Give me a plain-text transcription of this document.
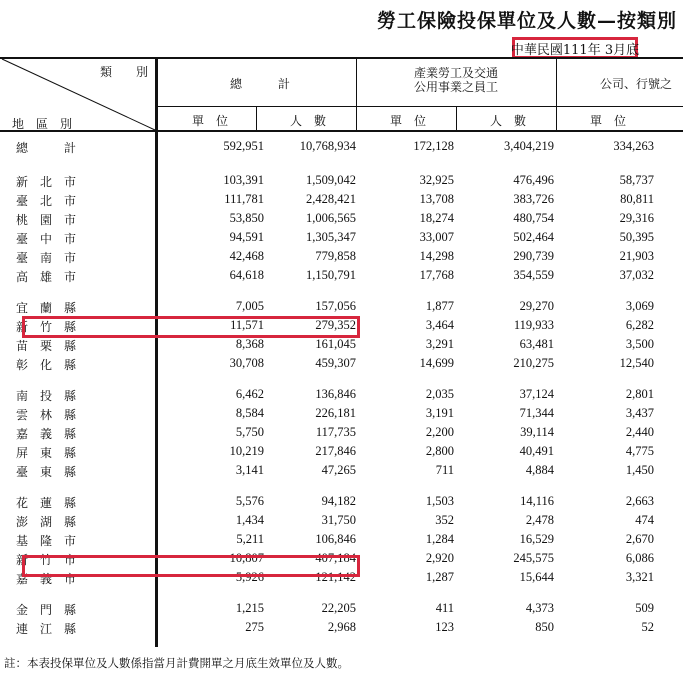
勞工保險投保單位及人數—按類別
中華民國111年 3月底
類　　別
地　區　別
總　　　計
產業勞工及交通
公用事業之員工	公司、行號之
單　位	人　數	單　位	人　數	單　位
總　　　計	592,951	10,768,934	172,128	3,404,219	334,263
新　北　市	103,391	1,509,042	32,925	476,496	58,737
臺　北　市	111,781	2,428,421	13,708	383,726	80,811
桃　園　市	53,850	1,006,565	18,274	480,754	29,316
臺　中　市	94,591	1,305,347	33,007	502,464	50,395
臺　南　市	42,468	779,858	14,298	290,739	21,903
高　雄　市	64,618	1,150,791	17,768	354,559	37,032
宜　蘭　縣	7,005	157,056	1,877	29,270	3,069
新　竹　縣	11,571	279,352	3,464	119,933	6,282
苗　栗　縣	8,368	161,045	3,291	63,481	3,500
彰　化　縣	30,708	459,307	14,699	210,275	12,540
南　投　縣	6,462	136,846	2,035	37,124	2,801
雲　林　縣	8,584	226,181	3,191	71,344	3,437
嘉　義　縣	5,750	117,735	2,200	39,114	2,440
屏　東　縣	10,219	217,846	2,800	40,491	4,775
臺　東　縣	3,141	47,265	711	4,884	1,450
花　蓮　縣	5,576	94,182	1,503	14,116	2,663
澎　湖　縣	1,434	31,750	352	2,478	474
基　隆　市	5,211	106,846	1,284	16,529	2,670
新　竹　市	10,807	407,184	2,920	245,575	6,086
嘉　義　市	5,926	121,142	1,287	15,644	3,321
金　門　縣	1,215	22,205	411	4,373	509
連　江　縣	275	2,968	123	850	52
註：本表投保單位及人數係指當月計費開單之月底生效單位及人數。
